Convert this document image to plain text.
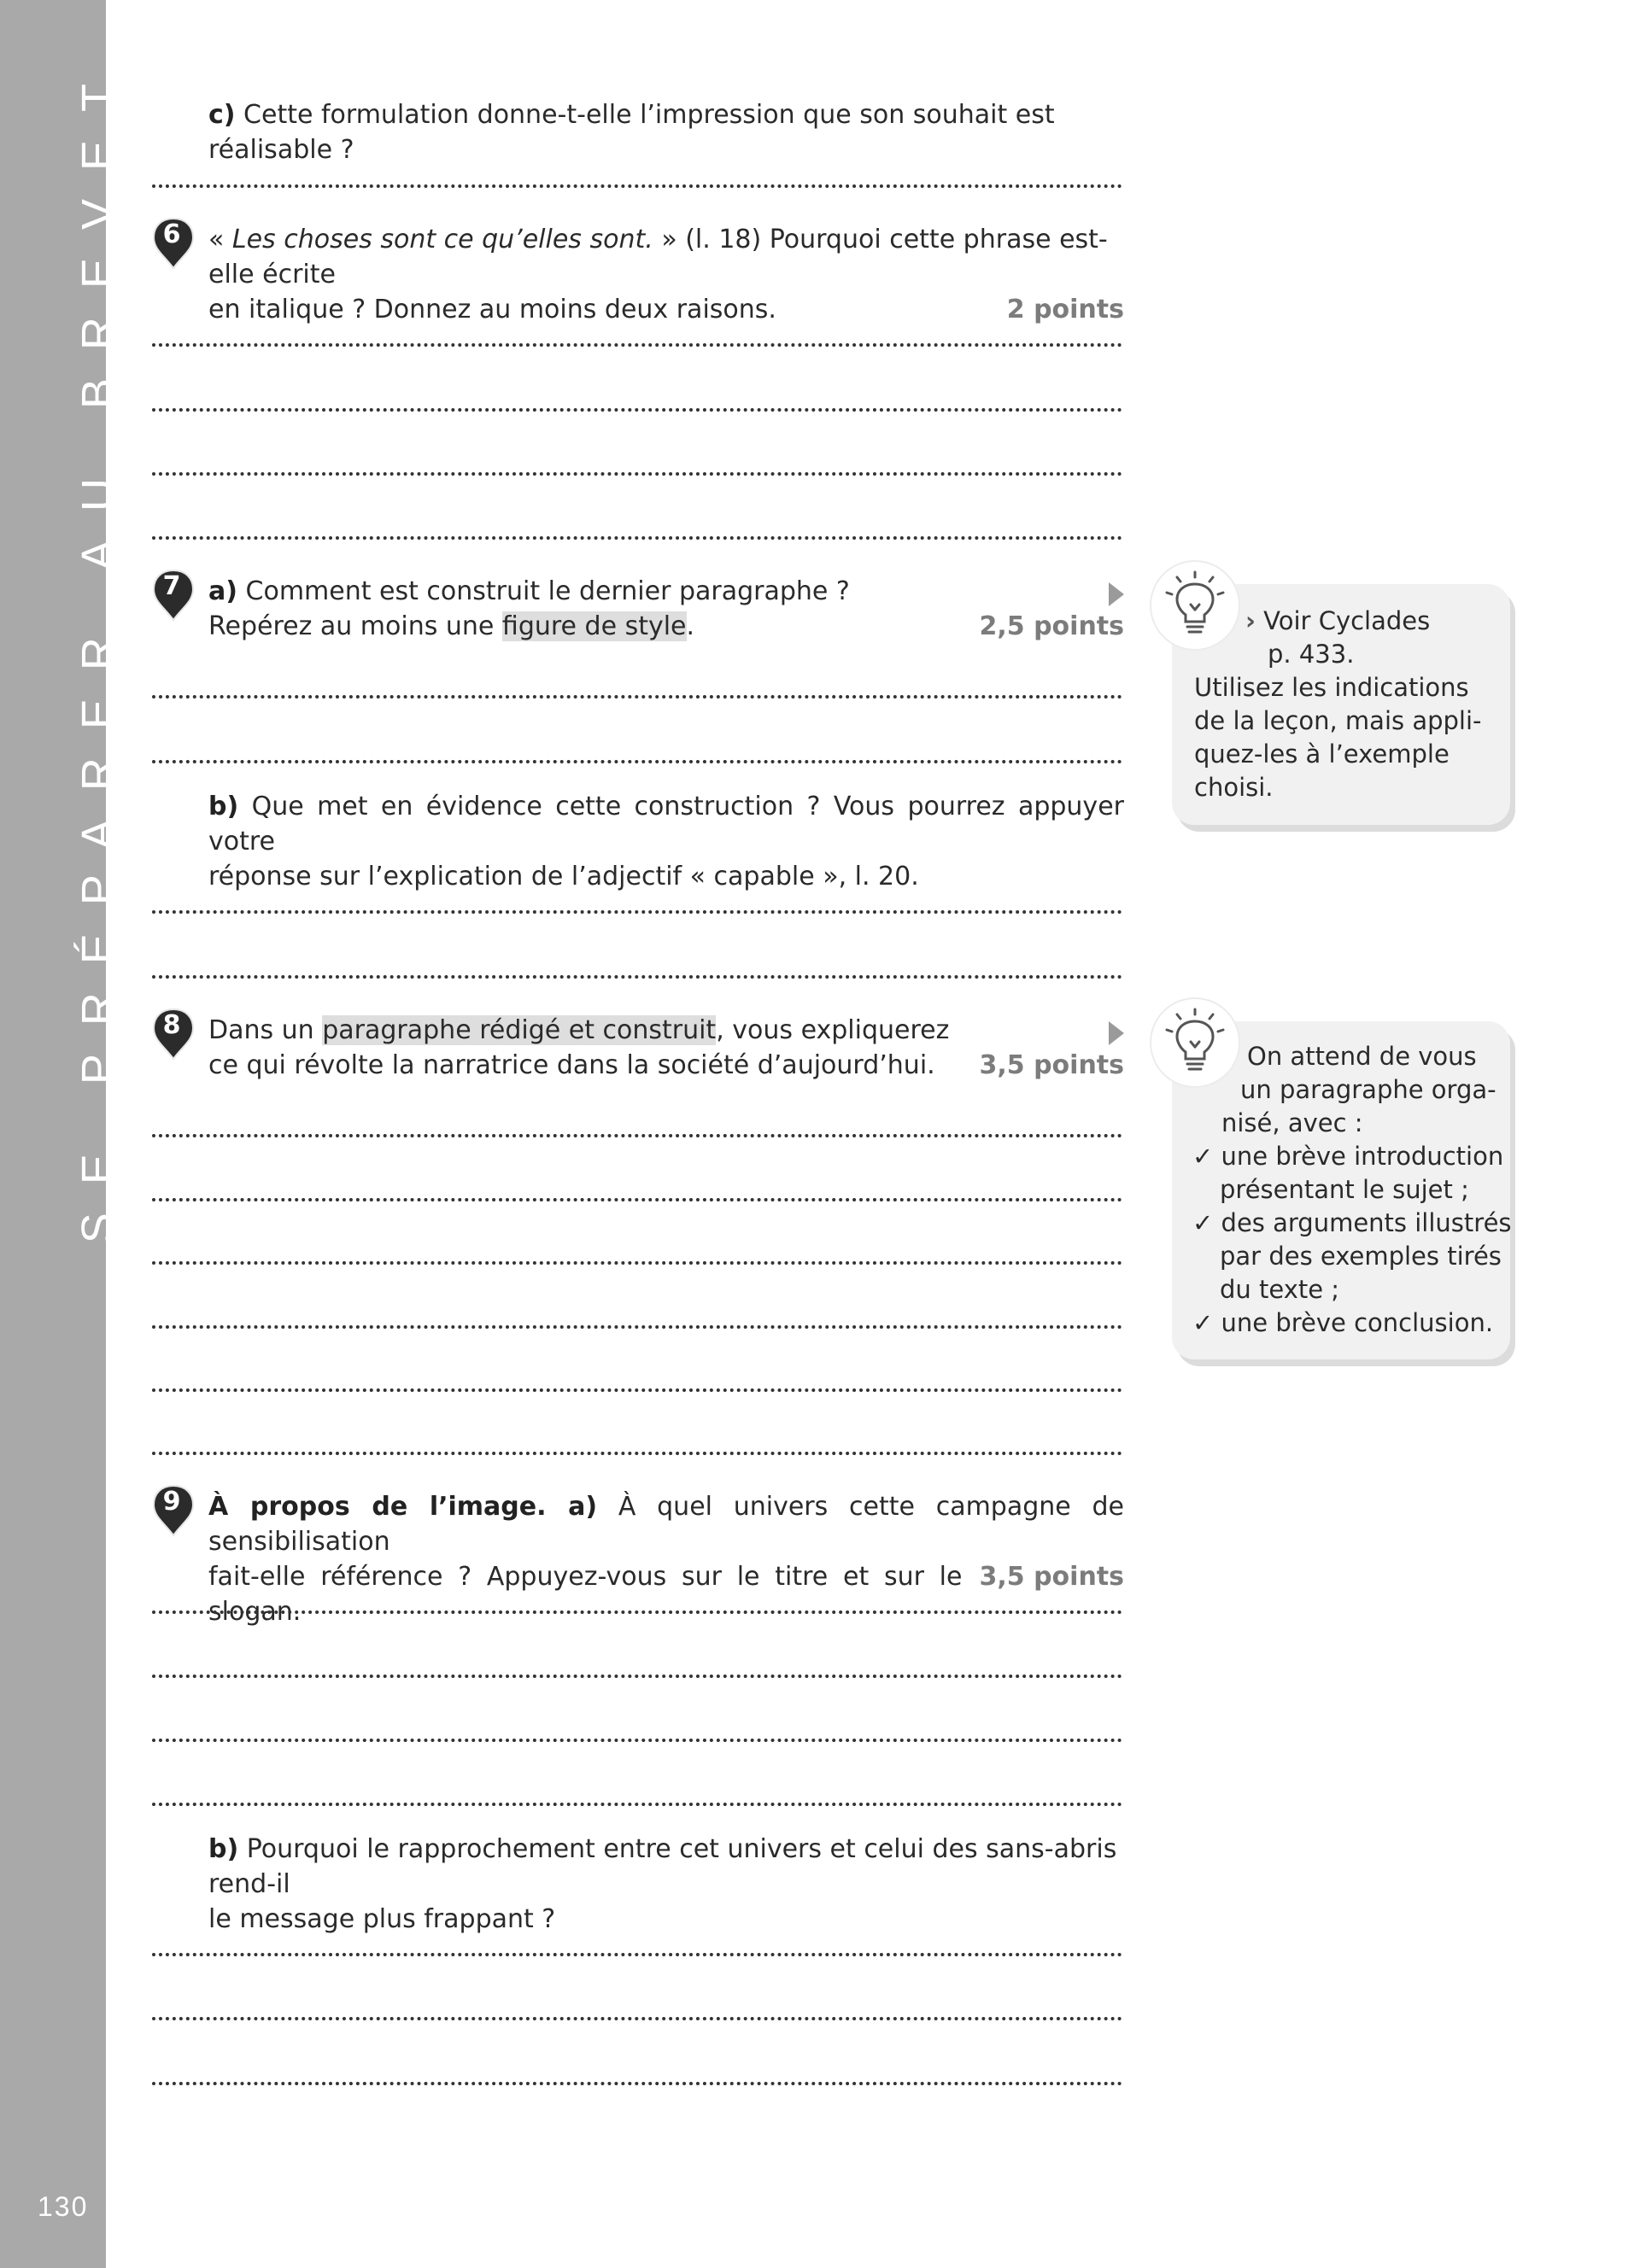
SE PRÉPARER AU BREVET
130
c) Cette formulation donne-t-elle l’impression que son souhait est réalisable ?
6	« Les choses sont ce qu’elles sont. » (l. 18) Pourquoi cette phrase est-elle écrite
en italique ? Donnez au moins deux raisons.	2 points
7	a) Comment est construit le dernier paragraphe ?
Repérez au moins une figure de style.	2,5 points
b) Que met en évidence cette construction ? Vous pourrez appuyer votre
réponse sur l’explication de l’adjectif « capable », l. 20.
› Voir Cyclades
p. 433.
Utilisez les indications
de la leçon, mais appli-
quez-les à l’exemple
choisi.
8	Dans un paragraphe rédigé et construit, vous expliquerez
ce qui révolte la narratrice dans la société d’aujourd’hui. 3,5 points	On attend de vous
un paragraphe orga-
nisé, avec :
✓ une brève introduction
présentant le sujet ;
✓ des arguments illustrés
par des exemples tirés
du texte ;
✓ une brève conclusion.
9	À propos de l’image. a) À quel univers cette campagne de sensibilisation
fait-elle référence ? Appuyez-vous sur le titre et sur le slogan.
3,5 points
b) Pourquoi le rapprochement entre cet univers et celui des sans-abris rend-il
le message plus frappant ?
